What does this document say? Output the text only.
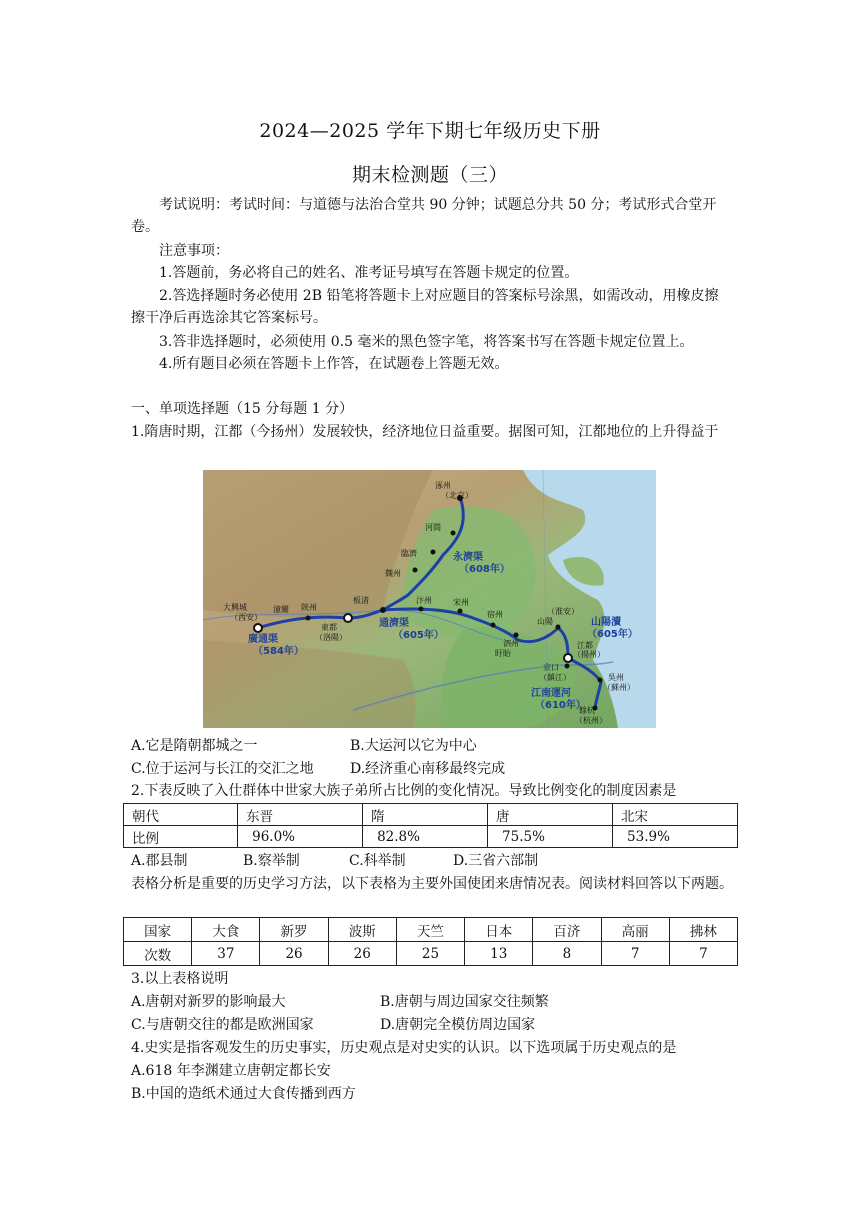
2024—2025 学年下期七年级历史下册
期末检测题（三）
考试说明：考试时间：与道德与法治合堂共 90 分钟；试题总分共 50 分；考试形式合堂开卷。
注意事项：
1.答题前，务必将自己的姓名、准考证号填写在答题卡规定的位置。
2.答选择题时务必使用 2B 铅笔将答题卡上对应题目的答案标号涂黑，如需改动，用橡皮擦擦干净后再选涂其它答案标号。
3.答非选择题时，必须使用 0.5 毫米的黑色签字笔，将答案书写在答题卡规定位置上。
4.所有题目必须在答题卡上作答，在试题卷上答题无效。
一、单项选择题（15 分每题 1 分）
1.隋唐时期，江都（今扬州）发展较快，经济地位日益重要。据图可知，江都地位的上升得益于
涿州
（北京）
河間
臨濟
魏州
大興城
（西安）
潼關 陝州
東都
（洛陽）
板渚	汴州	宋州
宿州
泗州
盱眙
（淮安）
山陽
江都
（揚州）
京口
（鎮江）	吳州
（蘇州）
餘杭
（杭州）
永濟渠
（608年）
通濟渠
（605年）
廣通渠
（584年）
山陽瀆
（605年）
江南運河
（610年）
A.它是隋朝都城之一	B.大运河以它为中心
C.位于运河与长江的交汇之地	D.经济重心南移最终完成
2.下表反映了入仕群体中世家大族子弟所占比例的变化情况。导致比例变化的制度因素是
朝代	东晋	隋	唐	北宋
比例	96.0%	82.8%	75.5%	53.9%
A.郡县制	B.察举制	C.科举制	D.三省六部制
表格分析是重要的历史学习方法，以下表格为主要外国使团来唐情况表。阅读材料回答以下两题。
国家	大食	新罗	波斯	天竺	日本	百济	高丽	拂林
次数	37	26	26	25	13	8	7	7
3.以上表格说明
A.唐朝对新罗的影响最大	B.唐朝与周边国家交往频繁
C.与唐朝交往的都是欧洲国家	D.唐朝完全模仿周边国家
4.史实是指客观发生的历史事实，历史观点是对史实的认识。以下选项属于历史观点的是
A.618 年李渊建立唐朝定都长安
B.中国的造纸术通过大食传播到西方
